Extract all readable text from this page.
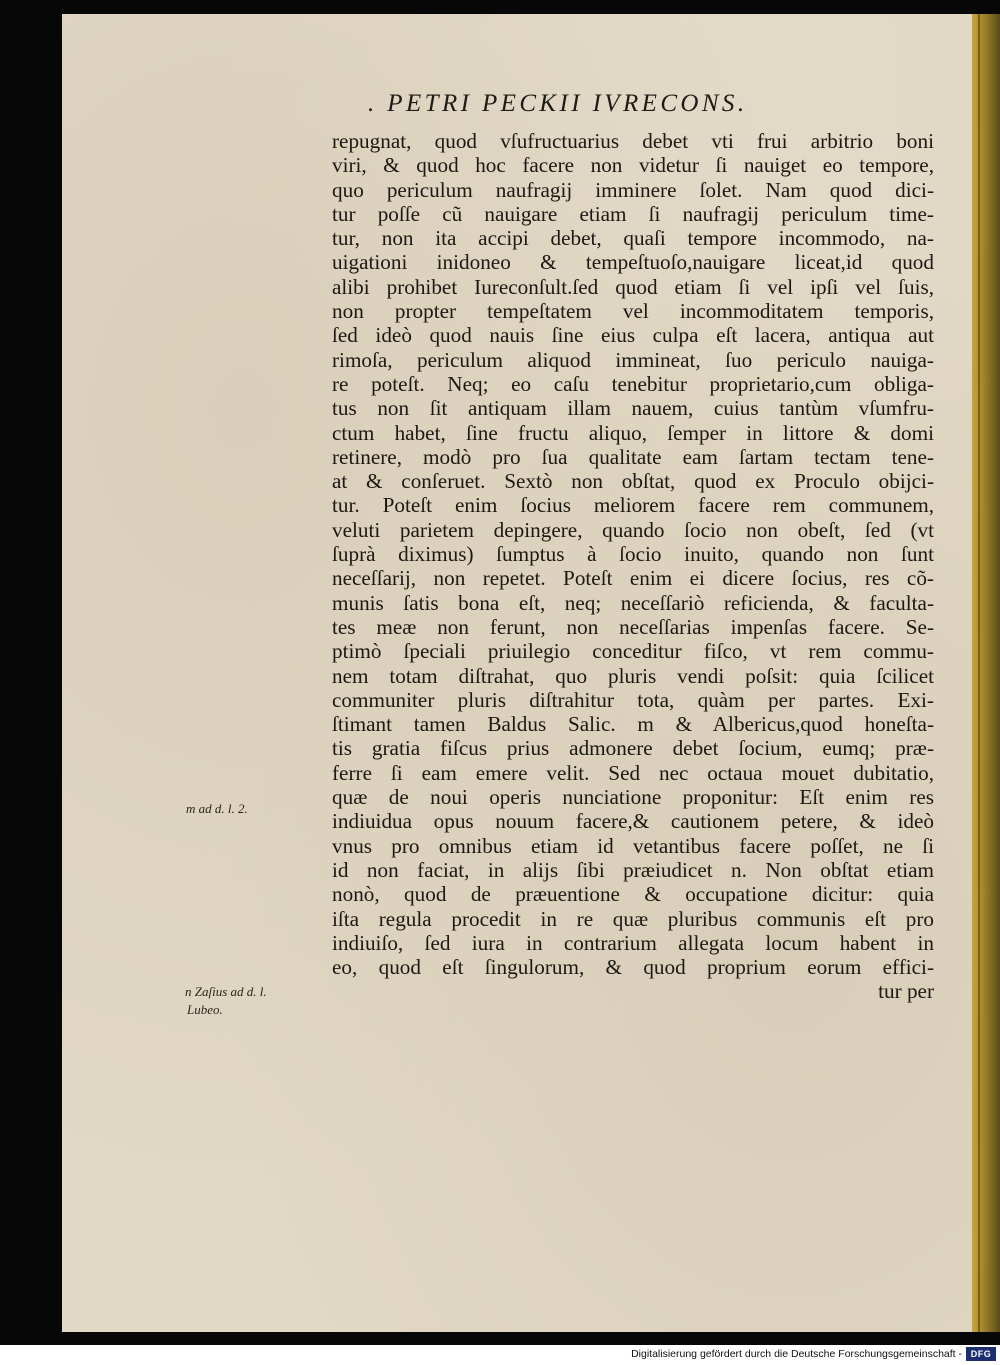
. PETRI PECKII IVRECONS.
repugnat, quod vſufructuarius debet vti frui arbitrio boni
viri, & quod hoc facere non videtur ſi nauiget eo tempore,
quo periculum naufragij imminere ſolet. Nam quod dici-
tur poſſe cũ nauigare etiam ſi naufragij periculum time-
tur, non ita accipi debet, quaſi tempore incommodo, na-
uigationi inidoneo & tempeſtuoſo,nauigare liceat,id quod
alibi prohibet Iureconſult.ſed quod etiam ſi vel ipſi vel ſuis,
non propter tempeſtatem vel incommoditatem temporis,
ſed ideò quod nauis ſine eius culpa eſt lacera, antiqua aut
rimoſa, periculum aliquod immineat, ſuo periculo nauiga-
re poteſt. Neq; eo caſu tenebitur proprietario,cum obliga-
tus non ſit antiquam illam nauem, cuius tantùm vſumfru-
ctum habet, ſine fructu aliquo, ſemper in littore & domi
retinere, modò pro ſua qualitate eam ſartam tectam tene-
at & conſeruet. Sextò non obſtat, quod ex Proculo obijci-
tur. Poteſt enim ſocius meliorem facere rem communem,
veluti parietem depingere, quando ſocio non obeſt, ſed (vt
ſuprà diximus) ſumptus à ſocio inuito, quando non ſunt
neceſſarij, non repetet. Poteſt enim ei dicere ſocius, res cõ-
munis ſatis bona eſt, neq; neceſſariò reficienda, & faculta-
tes meæ non ferunt, non neceſſarias impenſas facere. Se-
ptimò ſpeciali priuilegio conceditur fiſco, vt rem commu-
nem totam diſtrahat, quo pluris vendi poſsit: quia ſcilicet
communiter pluris diſtrahitur tota, quàm per partes. Exi-
ſtimant tamen Baldus Salic. m & Albericus,quod honeſta-
tis gratia fiſcus prius admonere debet ſocium, eumq; præ-
ferre ſi eam emere velit. Sed nec octaua mouet dubitatio,
quæ de noui operis nunciatione proponitur: Eſt enim res
indiuidua opus nouum facere,& cautionem petere, & ideò
vnus pro omnibus etiam id vetantibus facere poſſet, ne ſi
id non faciat, in alijs ſibi præiudicet n. Non obſtat etiam
nonò, quod de præuentione & occupatione dicitur: quia
iſta regula procedit in re quæ pluribus communis eſt pro
indiuiſo, ſed iura in contrarium allegata locum habent in
eo, quod eſt ſingulorum, & quod proprium eorum effici-
tur per
m ad d. l. 2.
n Zaſius ad d. l.
Lubeo.
Digitalisierung gefördert durch die Deutsche Forschungsgemeinschaft - DFG
